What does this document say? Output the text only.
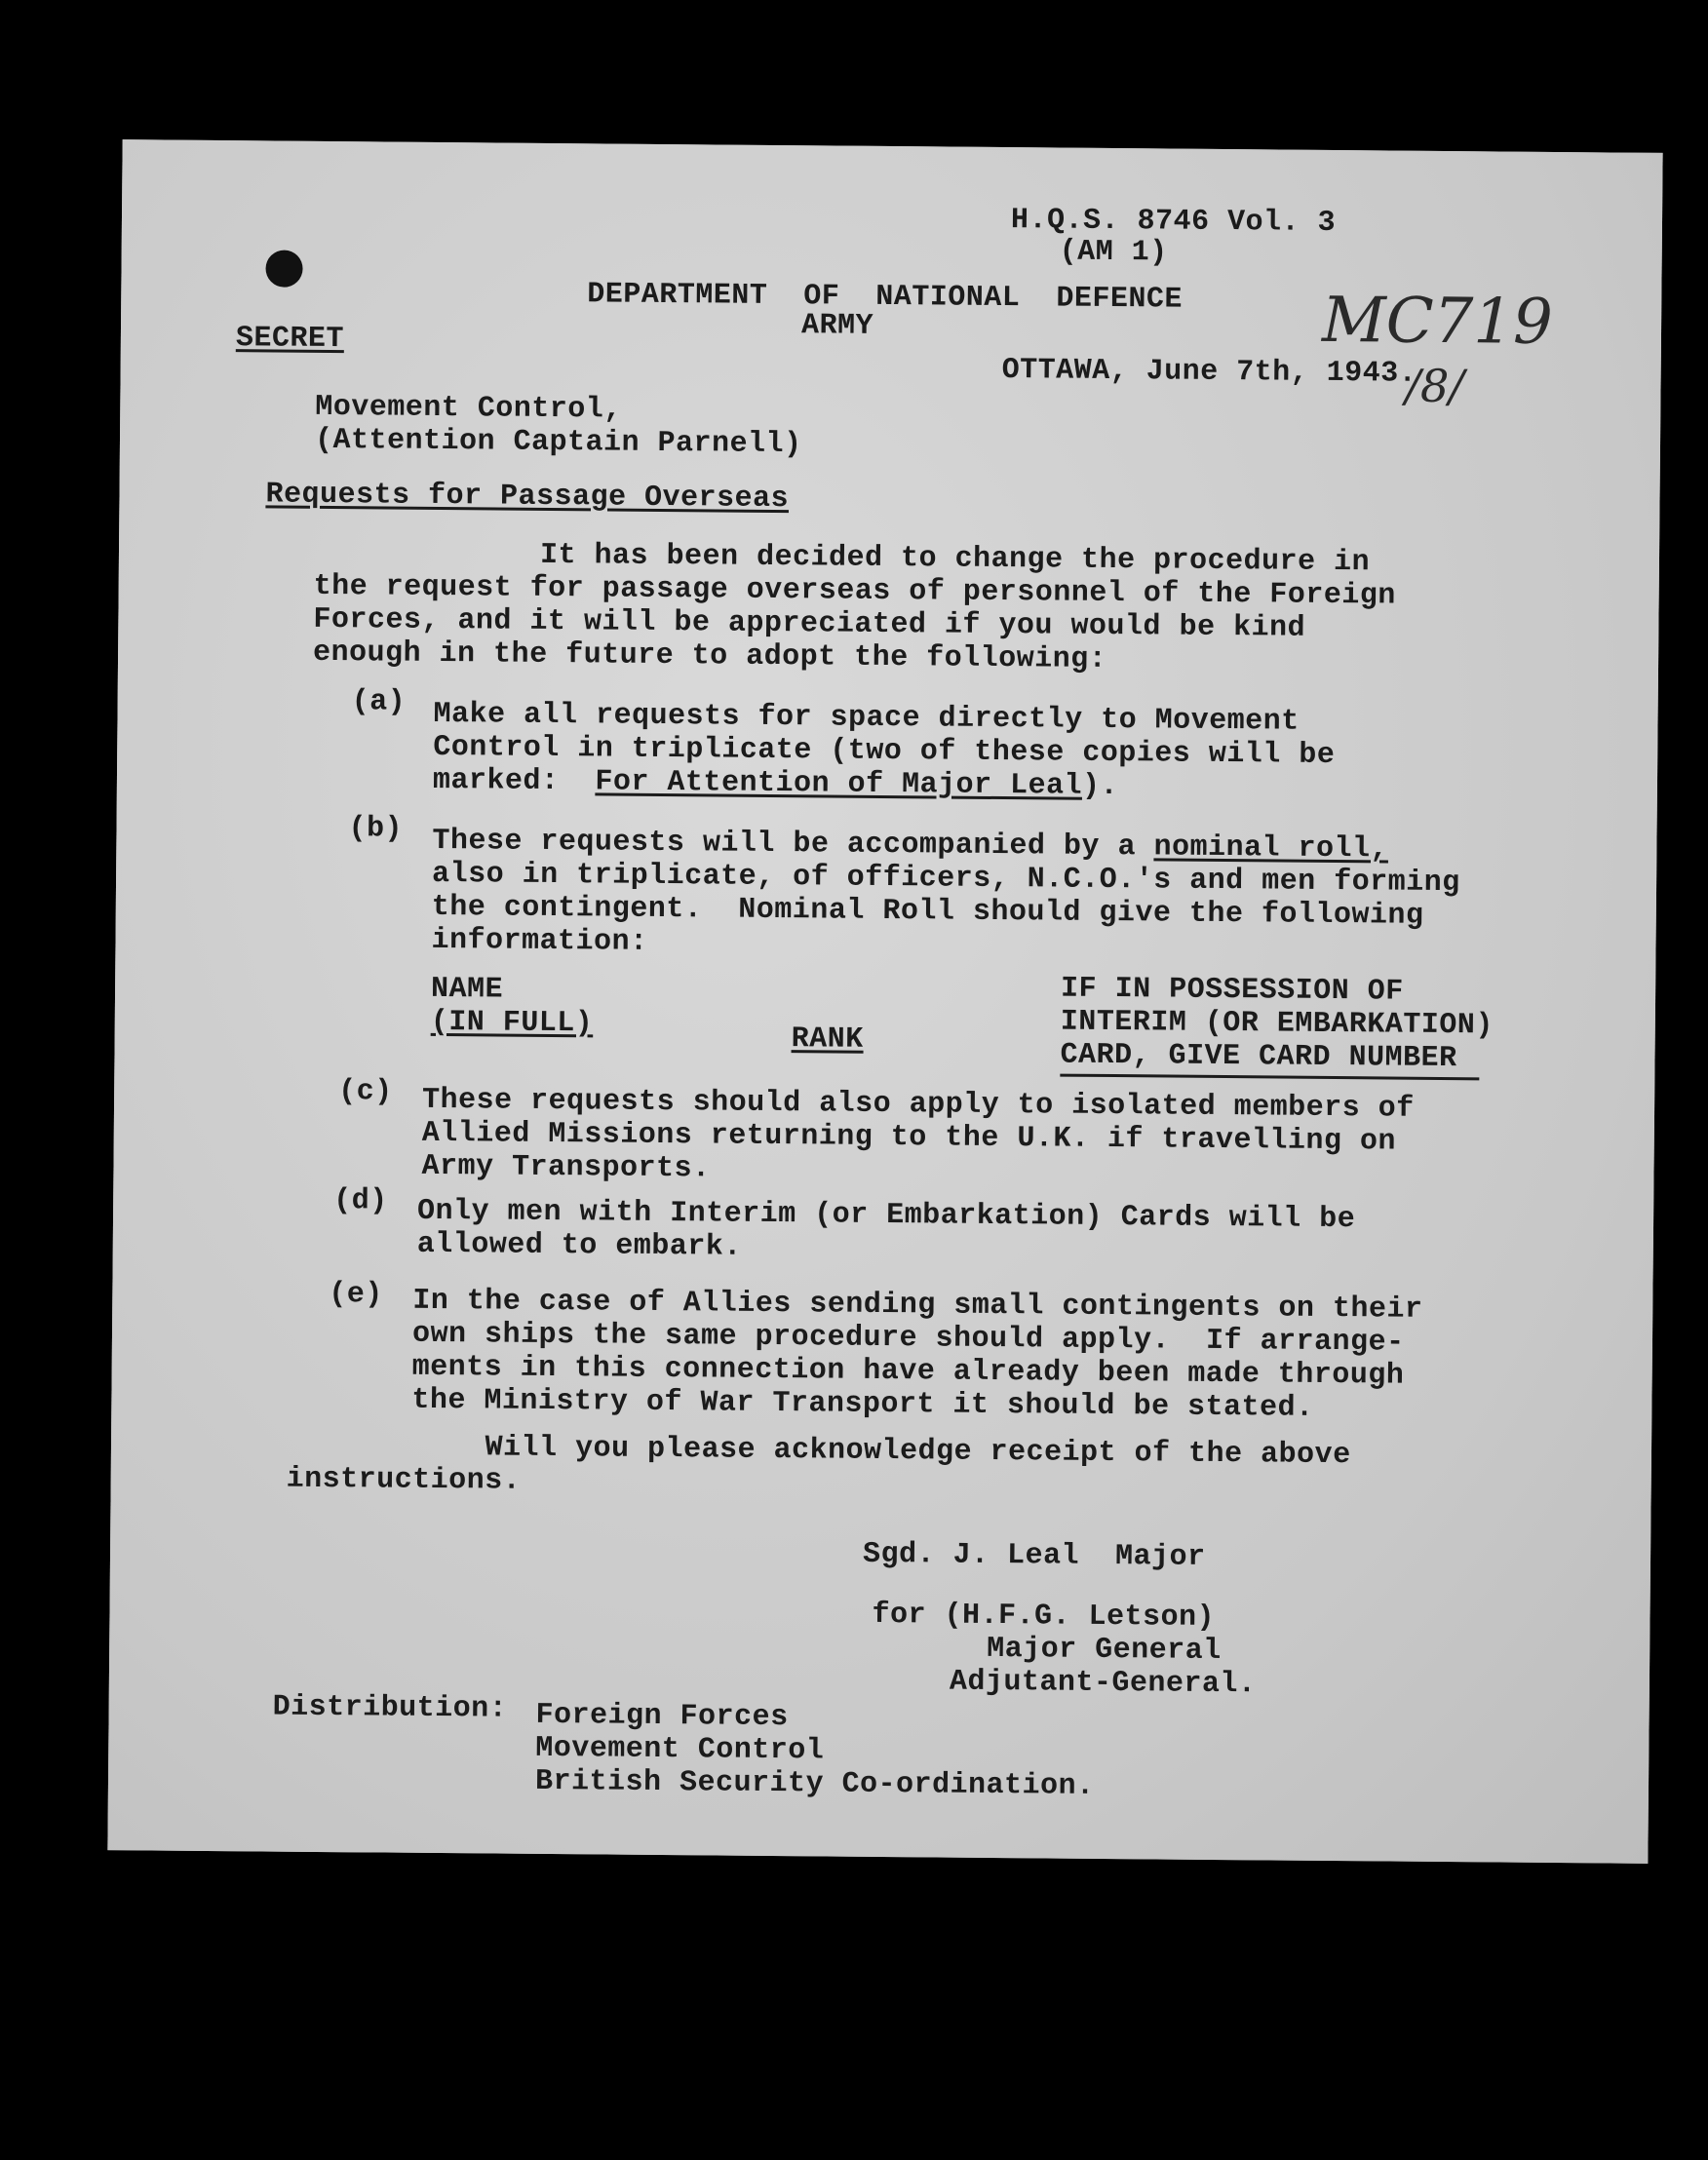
H.Q.S. 8746 Vol. 3
(AM 1)
MC719
/8/
SECRET
DEPARTMENT  OF  NATIONAL  DEFENCE
ARMY
OTTAWA, June 7th, 1943.
Movement Control,
(Attention Captain Parnell)
Requests for Passage Overseas
It has been decided to change the procedure in
the request for passage overseas of personnel of the Foreign
Forces, and it will be appreciated if you would be kind
enough in the future to adopt the following:
(a) Make all requests for space directly to Movement
Control in triplicate (two of these copies will be
marked:  For Attention of Major Leal).
(b) These requests will be accompanied by a nominal roll,
also in triplicate, of officers, N.C.O.'s and men forming
the contingent.  Nominal Roll should give the following
information:
NAME
(IN FULL)	RANK
IF IN POSSESSION OF
INTERIM (OR EMBARKATION)
CARD, GIVE CARD NUMBER
(c) These requests should also apply to isolated members of
Allied Missions returning to the U.K. if travelling on
Army Transports.
(d) Only men with Interim (or Embarkation) Cards will be
allowed to embark.
(e) In the case of Allies sending small contingents on their
own ships the same procedure should apply.  If arrange-
ments in this connection have already been made through
the Ministry of War Transport it should be stated.
Will you please acknowledge receipt of the above
instructions.
Sgd. J. Leal  Major
for (H.F.G. Letson)
Major General
Adjutant-General.
Distribution: Foreign Forces
Movement Control
British Security Co-ordination.
